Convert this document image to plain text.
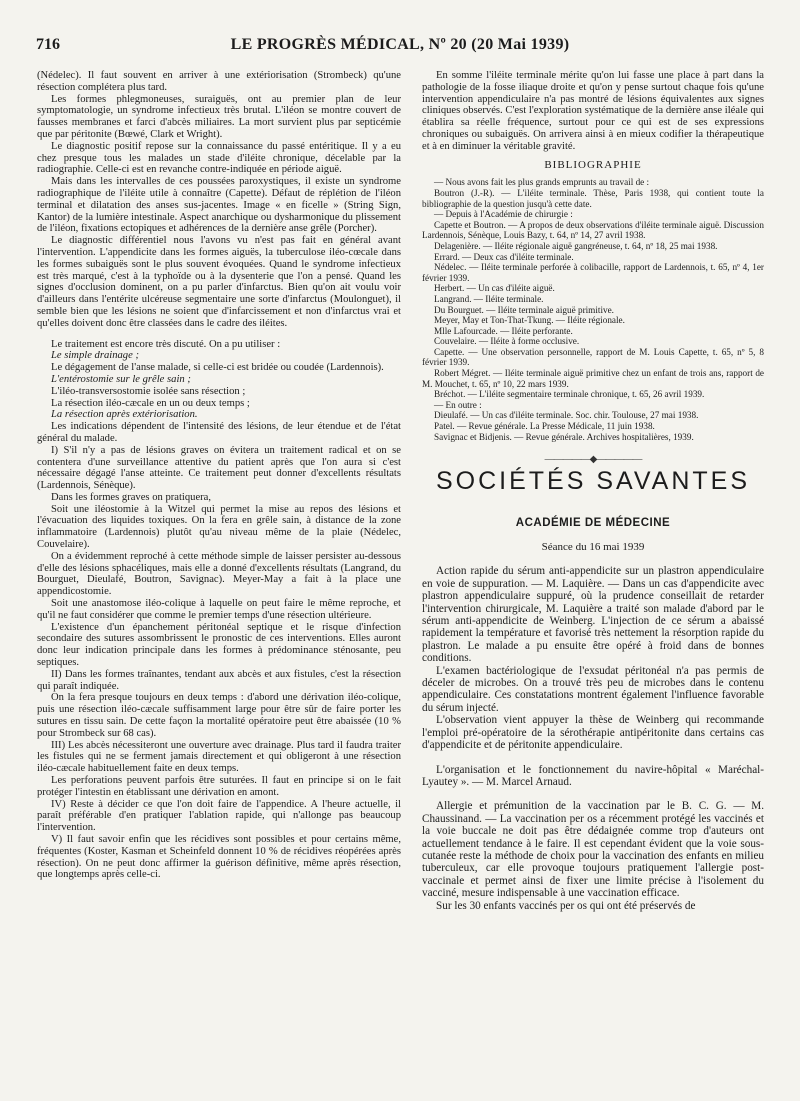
716	LE PROGRÈS MÉDICAL, Nº 20 (20 Mai 1939)

(Nédelec). Il faut souvent en arriver à une extériorisation (Strombeck) qu'une résection complétera plus tard.

Les formes phlegmoneuses, suraiguës, ont au premier plan de leur symptomatologie, un syndrome infectieux très brutal. L'iléon se montre couvert de fausses membranes et farci d'abcès miliaires. La mort survient plus par septicémie que par péritonite (Bœwé, Clark et Wright).

Le diagnostic positif repose sur la connaissance du passé entéritique. Il y a eu chez presque tous les malades un stade d'iléite chronique, décelable par la radiographie. Celle-ci est en revanche contre-indiquée en période aiguë.

Mais dans les intervalles de ces poussées paroxystiques, il existe un syndrome radiographique de l'iléite utile à connaître (Capette). Défaut de réplétion de l'iléon terminal et dilatation des anses sus-jacentes. Image « en ficelle » (String Sign, Kantor) de la lumière intestinale. Aspect anarchique ou dysharmonique du plissement de l'iléon, fixations ectopiques et adhérences de la dernière anse grêle (Porcher).

Le diagnostic différentiel nous l'avons vu n'est pas fait en général avant l'intervention. L'appendicite dans les formes aiguës, la tuberculose iléo-cœcale dans les formes subaiguës sont le plus souvent évoquées. Quand le syndrome infectieux est très marqué, c'est à la typhoïde ou à la dysenterie que l'on a pensé. Quand les signes d'occlusion dominent, on a pu parler d'infarctus. Bien qu'on ait voulu voir d'ailleurs dans l'entérite ulcéreuse segmentaire une sorte d'infarctus (Moulonguet), il semble bien que les lésions ne soient que d'infarcissement et non d'infarctus vrai et qu'elles doivent donc être classées dans le cadre des iléites.

Le traitement est encore très discuté. On a pu utiliser :

Le simple drainage ;

Le dégagement de l'anse malade, si celle-ci est bridée ou coudée (Lardennois).

L'entérostomie sur le grêle sain ;

L'iléo-transversostomie isolée sans résection ;

La résection iléo-cæcale en un ou deux temps ;

La résection après extériorisation.

Les indications dépendent de l'intensité des lésions, de leur étendue et de l'état général du malade.

I) S'il n'y a pas de lésions graves on évitera un traitement radical et on se contentera d'une surveillance attentive du patient après que l'on aura si c'est nécessaire dégagé l'anse atteinte. Ce traitement peut donner d'excellents résultats (Lardennois, Sénèque).

Dans les formes graves on pratiquera,

Soit une iléostomie à la Witzel qui permet la mise au repos des lésions et l'évacuation des liquides toxiques. On la fera en grêle sain, à distance de la zone inflammatoire (Lardennois) plutôt qu'au niveau même de la plaie (Nédelec, Couvelaire).

On a évidemment reproché à cette méthode simple de laisser persister au-dessous d'elle des lésions sphacéliques, mais elle a donné d'excellents résultats (Langrand, du Bourguet, Dieulafé, Boutron, Savignac). Meyer-May a fait à la place une appendicostomie.

Soit une anastomose iléo-colique à laquelle on peut faire le même reproche, et qu'il ne faut considérer que comme le premier temps d'une résection ultérieure.

L'existence d'un épanchement péritonéal septique et le risque d'infection secondaire des sutures assombrissent le pronostic de ces interventions. Elles auront donc leur indication principale dans les formes à prédominance sténosante, peu septiques.

II) Dans les formes traînantes, tendant aux abcès et aux fistules, c'est la résection qui paraît indiquée.

On la fera presque toujours en deux temps : d'abord une dérivation iléo-colique, puis une résection iléo-cæcale suffisamment large pour être sûr de faire porter les sutures en tissu sain. De cette façon la mortalité opératoire peut être abaissée (10 % pour Strombeck sur 68 cas).

III) Les abcès nécessiteront une ouverture avec drainage. Plus tard il faudra traiter les fistules qui ne se ferment jamais directement et qui obligeront à une résection iléo-cæcale habituellement faite en deux temps.

Les perforations peuvent parfois être suturées. Il faut en principe si on le fait protéger l'intestin en établissant une dérivation en amont.

IV) Reste à décider ce que l'on doit faire de l'appendice. A l'heure actuelle, il paraît préférable d'en pratiquer l'ablation rapide, qui n'allonge pas beaucoup l'intervention.

V) Il faut savoir enfin que les récidives sont possibles et pour certains même, fréquentes (Koster, Kasman et Scheinfeld donnent 10 % de récidives réopérées après résection). On ne peut donc affirmer la guérison définitive, même après résection, que longtemps après celle-ci.

En somme l'iléite terminale mérite qu'on lui fasse une place à part dans la pathologie de la fosse iliaque droite et qu'on y pense surtout chaque fois qu'une intervention appendiculaire n'a pas montré de lésions équivalentes aux signes cliniques observés. C'est l'exploration systématique de la dernière anse iléale qui établira sa réelle fréquence, surtout pour ce qui est de ses expressions chroniques ou subaiguës. On arrivera ainsi à en mieux codifier la thérapeutique et à en diminuer la véritable gravité.

BIBLIOGRAPHIE

— Nous avons fait les plus grands emprunts au travail de :

Boutron (J.-R). — L'iléite terminale. Thèse, Paris 1938, qui contient toute la bibliographie de la question jusqu'à cette date.

— Depuis à l'Académie de chirurgie :

Capette et Boutron. — A propos de deux observations d'iléite terminale aiguë. Discussion Lardennois, Sénèque, Louis Bazy, t. 64, nº 14, 27 avril 1938.

Delagenière. — Iléite régionale aiguë gangréneuse, t. 64, nº 18, 25 mai 1938.

Errard. — Deux cas d'iléite terminale.

Nédelec. — Iléite terminale perforée à colibacille, rapport de Lardennois, t. 65, nº 4, 1er février 1939.

Herbert. — Un cas d'iléite aiguë.

Langrand. — Iléite terminale.

Du Bourguet. — Iléite terminale aiguë primitive.

Meyer, May et Ton-That-Tkung. — Iléite régionale.

Mlle Lafourcade. — Iléite perforante.

Couvelaire. — Iléite à forme occlusive.

Capette. — Une observation personnelle, rapport de M. Louis Capette, t. 65, nº 5, 8 février 1939.

Robert Mégret. — Iléite terminale aiguë primitive chez un enfant de trois ans, rapport de M. Mouchet, t. 65, nº 10, 22 mars 1939.

Bréchot. — L'iléite segmentaire terminale chronique, t. 65, 26 avril 1939.

— En outre :

Dieulafé. — Un cas d'iléite terminale. Soc. chir. Toulouse, 27 mai 1938.

Patel. — Revue générale. La Presse Médicale, 11 juin 1938.

Savignac et Bidjenis. — Revue générale. Archives hospitalières, 1939.

—————◆—————
SOCIÉTÉS SAVANTES
ACADÉMIE DE MÉDECINE
Séance du 16 mai 1939

Action rapide du sérum anti-appendicite sur un plastron appendiculaire en voie de suppuration. — M. Laquière. — Dans un cas d'appendicite avec plastron appendiculaire suppuré, où la prudence conseillait de retarder l'intervention chirurgicale, M. Laquière a traité son malade d'abord par le sérum anti-appendicite de Weinberg. L'injection de ce sérum a abaissé rapidement la température et favorisé très nettement la résorption rapide du plastron. Le malade a pu ensuite être opéré à froid dans de bonnes conditions.

L'examen bactériologique de l'exsudat péritonéal n'a pas permis de déceler de microbes. On a trouvé très peu de microbes dans le contenu appendiculaire. Ces constatations montrent également l'influence favorable du sérum injecté.

L'observation vient appuyer la thèse de Weinberg qui recommande l'emploi pré-opératoire de la sérothérapie antipéritonite dans certains cas d'appendicite et de péritonite appendiculaire.

L'organisation et le fonctionnement du navire-hôpital « Maréchal-Lyautey ». — M. Marcel Arnaud.

Allergie et prémunition de la vaccination par le B. C. G. — M. Chaussinand. — La vaccination per os a récemment protégé les vaccinés et la voie buccale ne doit pas être dédaignée comme trop d'auteurs ont actuellement tendance à le faire. Il est cependant évident que la voie sous-cutanée reste la méthode de choix pour la vaccination des enfants en milieu tuberculeux, car elle provoque toujours pratiquement l'allergie post-vaccinale et permet ainsi de fixer une limite précise à l'isolement du vacciné, mesure indispensable à une vaccination efficace.

Sur les 30 enfants vaccinés per os qui ont été préservés de
